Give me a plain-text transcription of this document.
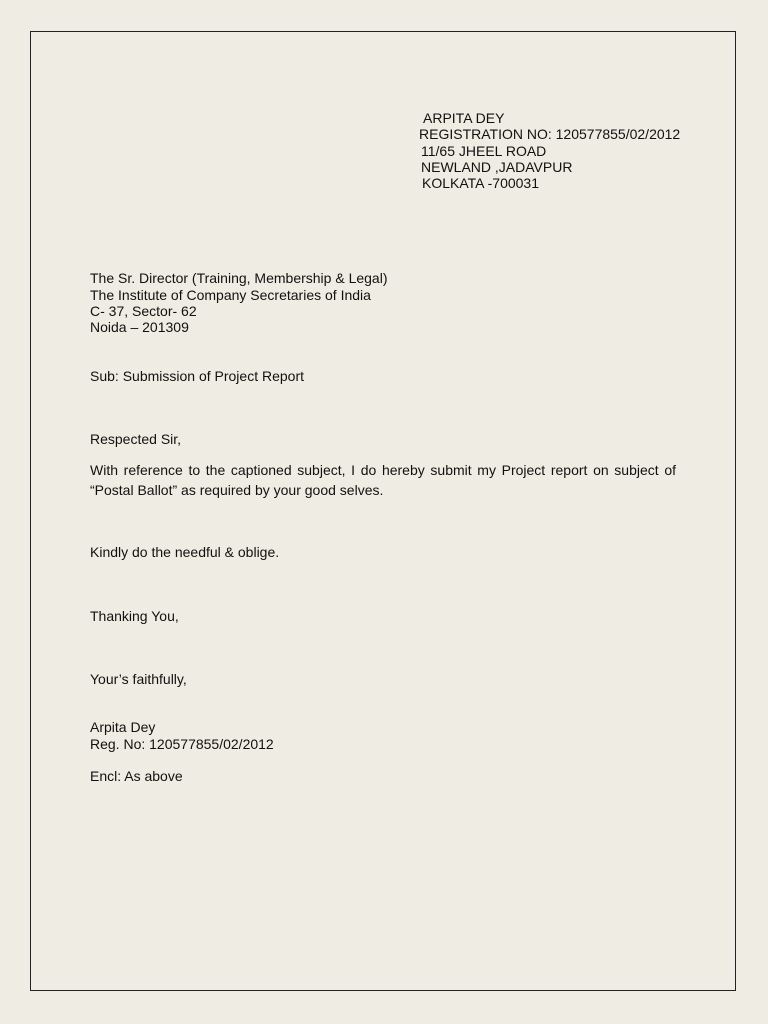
ARPITA DEY
REGISTRATION NO: 120577855/02/2012
11/65 JHEEL ROAD
NEWLAND ,JADAVPUR
KOLKATA -700031
The Sr. Director (Training, Membership & Legal)
The Institute of Company Secretaries of India
C- 37, Sector- 62
Noida – 201309
Sub: Submission of Project Report
Respected Sir,
With reference to the captioned subject, I do hereby submit my Project report on subject of “Postal Ballot” as required by your good selves.
Kindly do the needful & oblige.
Thanking You,
Your’s faithfully,
Arpita Dey
Reg. No: 120577855/02/2012
Encl: As above
